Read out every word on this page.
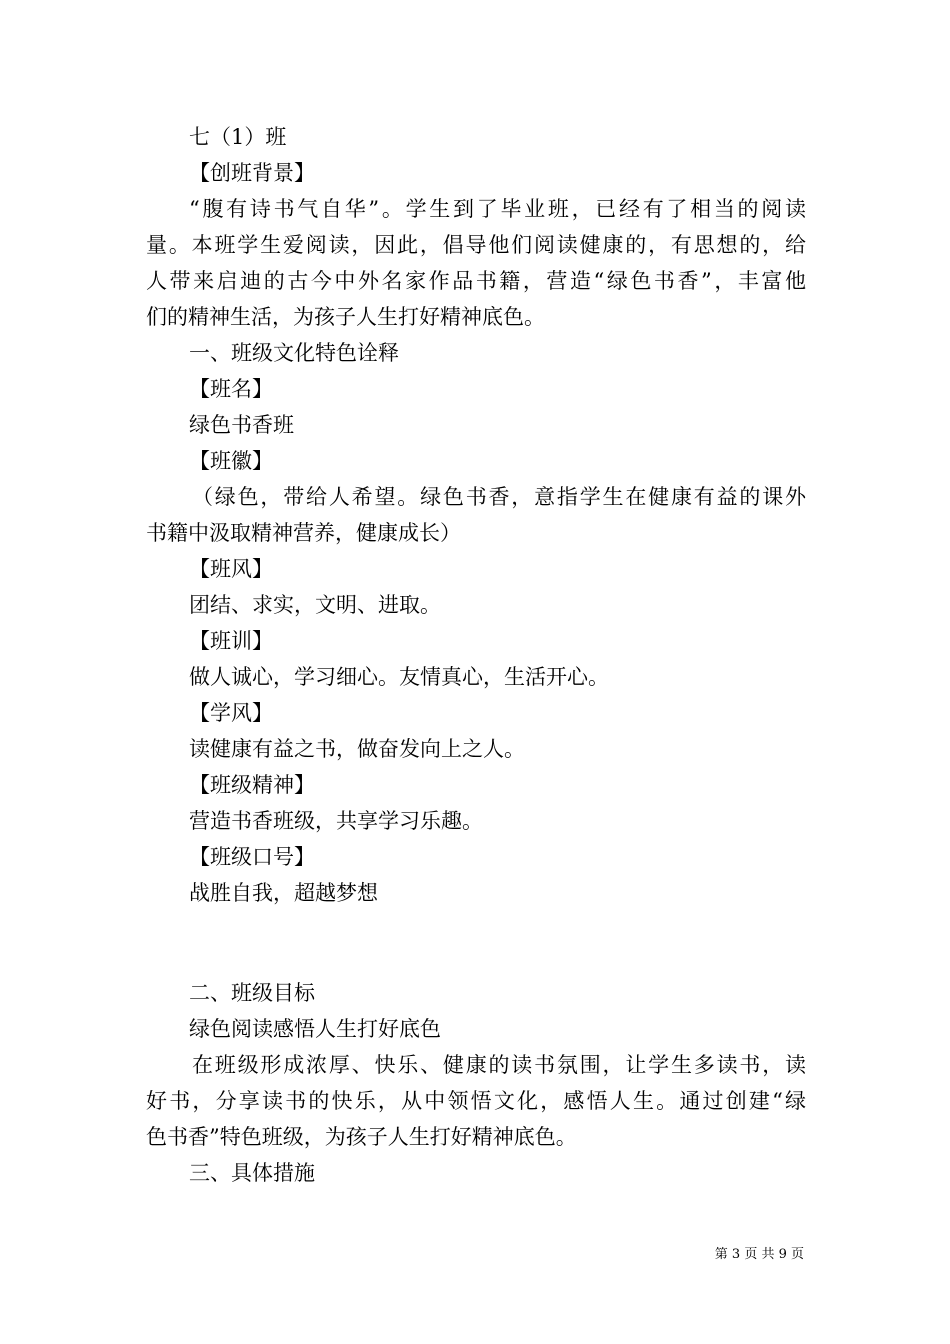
七（1）班
【创班背景】
“腹有诗书气自华”。学生到了毕业班，已经有了相当的阅读
量。本班学生爱阅读，因此，倡导他们阅读健康的，有思想的，给
人带来启迪的古今中外名家作品书籍，营造“绿色书香”，丰富他
们的精神生活，为孩子人生打好精神底色。
一、班级文化特色诠释
【班名】
绿色书香班
【班徽】
（绿色，带给人希望。绿色书香，意指学生在健康有益的课外
书籍中汲取精神营养，健康成长）
【班风】
团结、求实，文明、进取。
【班训】
做人诚心，学习细心。友情真心，生活开心。
【学风】
读健康有益之书，做奋发向上之人。
【班级精神】
营造书香班级，共享学习乐趣。
【班级口号】
战胜自我，超越梦想
二、班级目标
绿色阅读感悟人生打好底色
在班级形成浓厚、快乐、健康的读书氛围，让学生多读书，读
好书，分享读书的快乐，从中领悟文化，感悟人生。通过创建“绿
色书香”特色班级，为孩子人生打好精神底色。
三、具体措施
第 3 页 共 9 页
